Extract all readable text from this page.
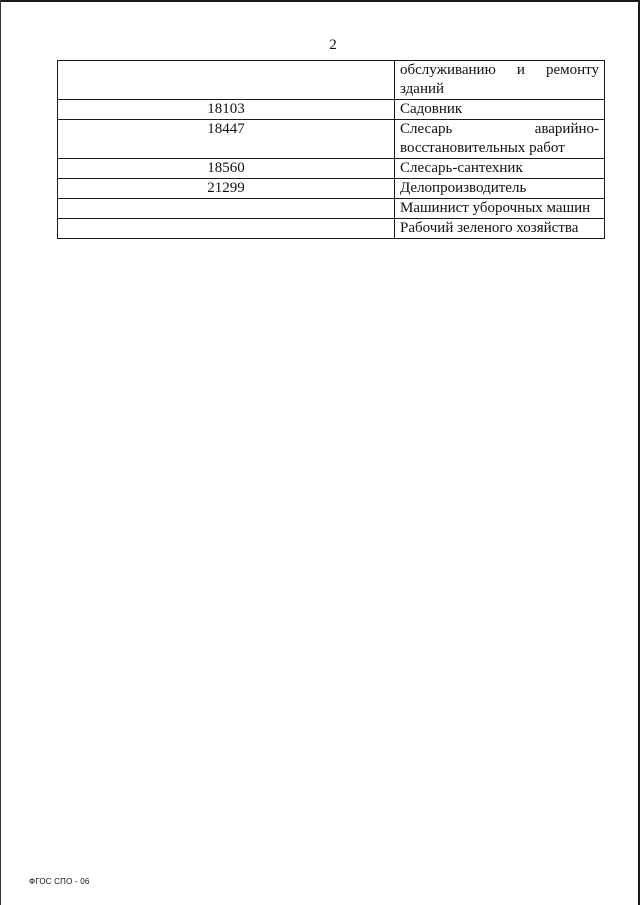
2

	обслуживанию и ремонту
зданий

18103	Садовник
18447	Слесарь аварийно-
восстановительных работ

18560	Слесарь-сантехник
21299	Делопроизводитель
	Машинист уборочных машин
	Рабочий зеленого хозяйства
ФГОС СПО - 06
